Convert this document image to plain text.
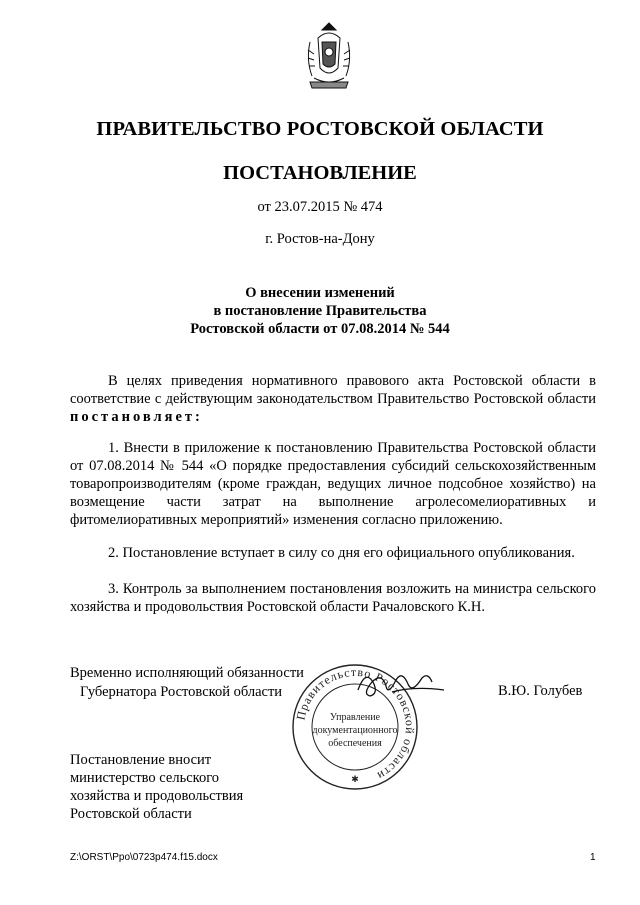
ПРАВИТЕЛЬСТВО РОСТОВСКОЙ ОБЛАСТИ
ПОСТАНОВЛЕНИЕ
от 23.07.2015 № 474
г. Ростов-на-Дону
О внесении изменений
в постановление Правительства
Ростовской области от 07.08.2014 № 544
В целях приведения нормативного правового акта Ростовской области в соответствие с действующим законодательством Правительство Ростовской области постановляет:
1. Внести в приложение к постановлению Правительства Ростовской области от 07.08.2014 № 544 «О порядке предоставления субсидий сельскохозяйственным товаропроизводителям (кроме граждан, ведущих личное подсобное хозяйство) на возмещение части затрат на выполнение агролесомелиоративных и фитомелиоративных мероприятий» изменения согласно приложению.
2. Постановление вступает в силу со дня его официального опубликования.
3. Контроль за выполнением постановления возложить на министра сельского хозяйства и продовольствия Ростовской области Рачаловского К.Н.
Временно исполняющий обязанности
Губернатора Ростовской области	В.Ю. Голубев
Правительство Ростовской области
Управление
документационного
обеспечения
✱
Постановление вносит
министерство сельского
хозяйства и продовольствия
Ростовской области
Z:\ORST\Ppo\0723p474.f15.docx	1
